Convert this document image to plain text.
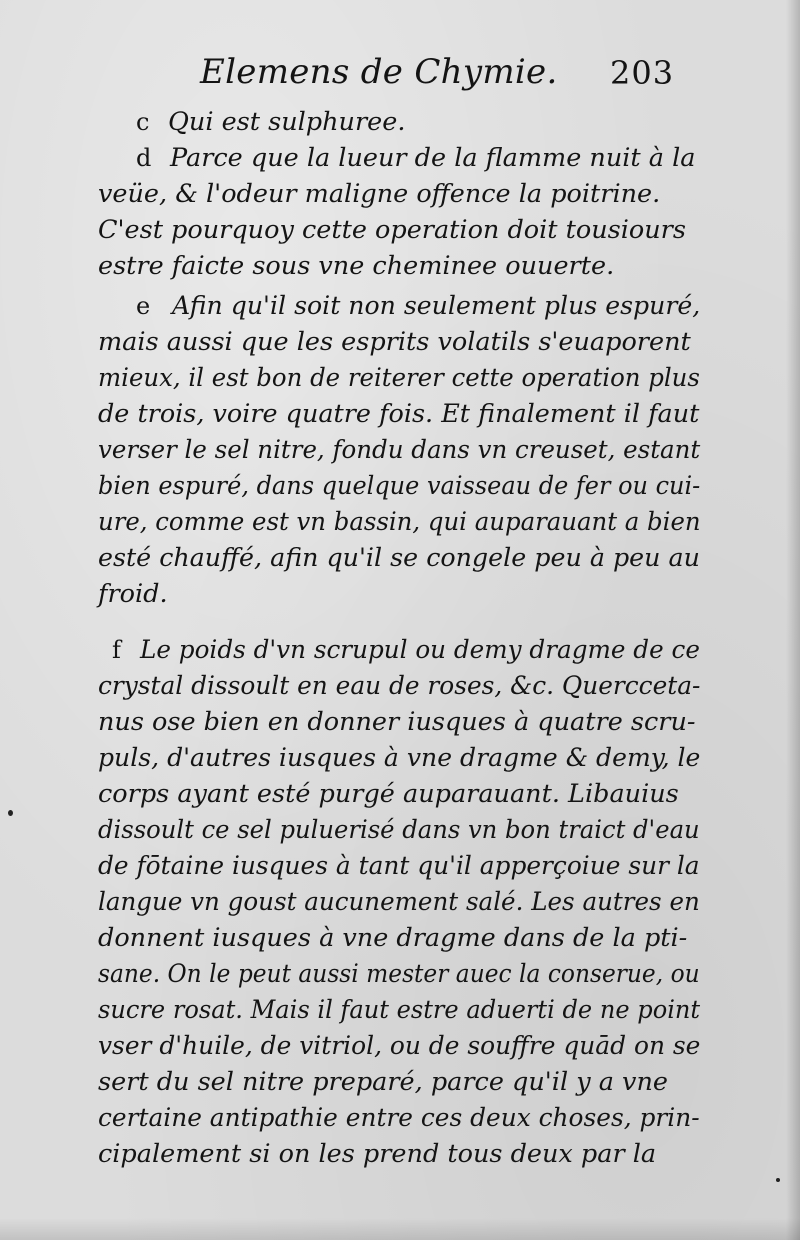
Elemens de Chymie. 203
c Qui est sulphuree.
d Parce que la lueur de la flamme nuit à la
veüe, & l'odeur maligne offence la poitrine.
C'est pourquoy cette operation doit tousiours
estre faicte sous vne cheminee ouuerte.
e Afin qu'il soit non seulement plus espuré,
mais aussi que les esprits volatils s'euaporent
mieux, il est bon de reiterer cette operation plus
de trois, voire quatre fois. Et finalement il faut
verser le sel nitre, fondu dans vn creuset, estant
bien espuré, dans quelque vaisseau de fer ou cui-
ure, comme est vn bassin, qui auparauant a bien
esté chauffé, afin qu'il se congele peu à peu au
froid.
f Le poids d'vn scrupul ou demy dragme de ce
crystal dissoult en eau de roses, &c. Quercceta-
nus ose bien en donner iusques à quatre scru-
puls, d'autres iusques à vne dragme & demy, le
corps ayant esté purgé auparauant. Libauius
dissoult ce sel puluerisé dans vn bon traict d'eau
de fōtaine iusques à tant qu'il apperçoiue sur la
langue vn goust aucunement salé. Les autres en
donnent iusques à vne dragme dans de la pti-
sane. On le peut aussi mester auec la conserue, ou
sucre rosat. Mais il faut estre aduerti de ne point
vser d'huile, de vitriol, ou de souffre quād on se
sert du sel nitre preparé, parce qu'il y a vne
certaine antipathie entre ces deux choses, prin-
cipalement si on les prend tous deux par la
